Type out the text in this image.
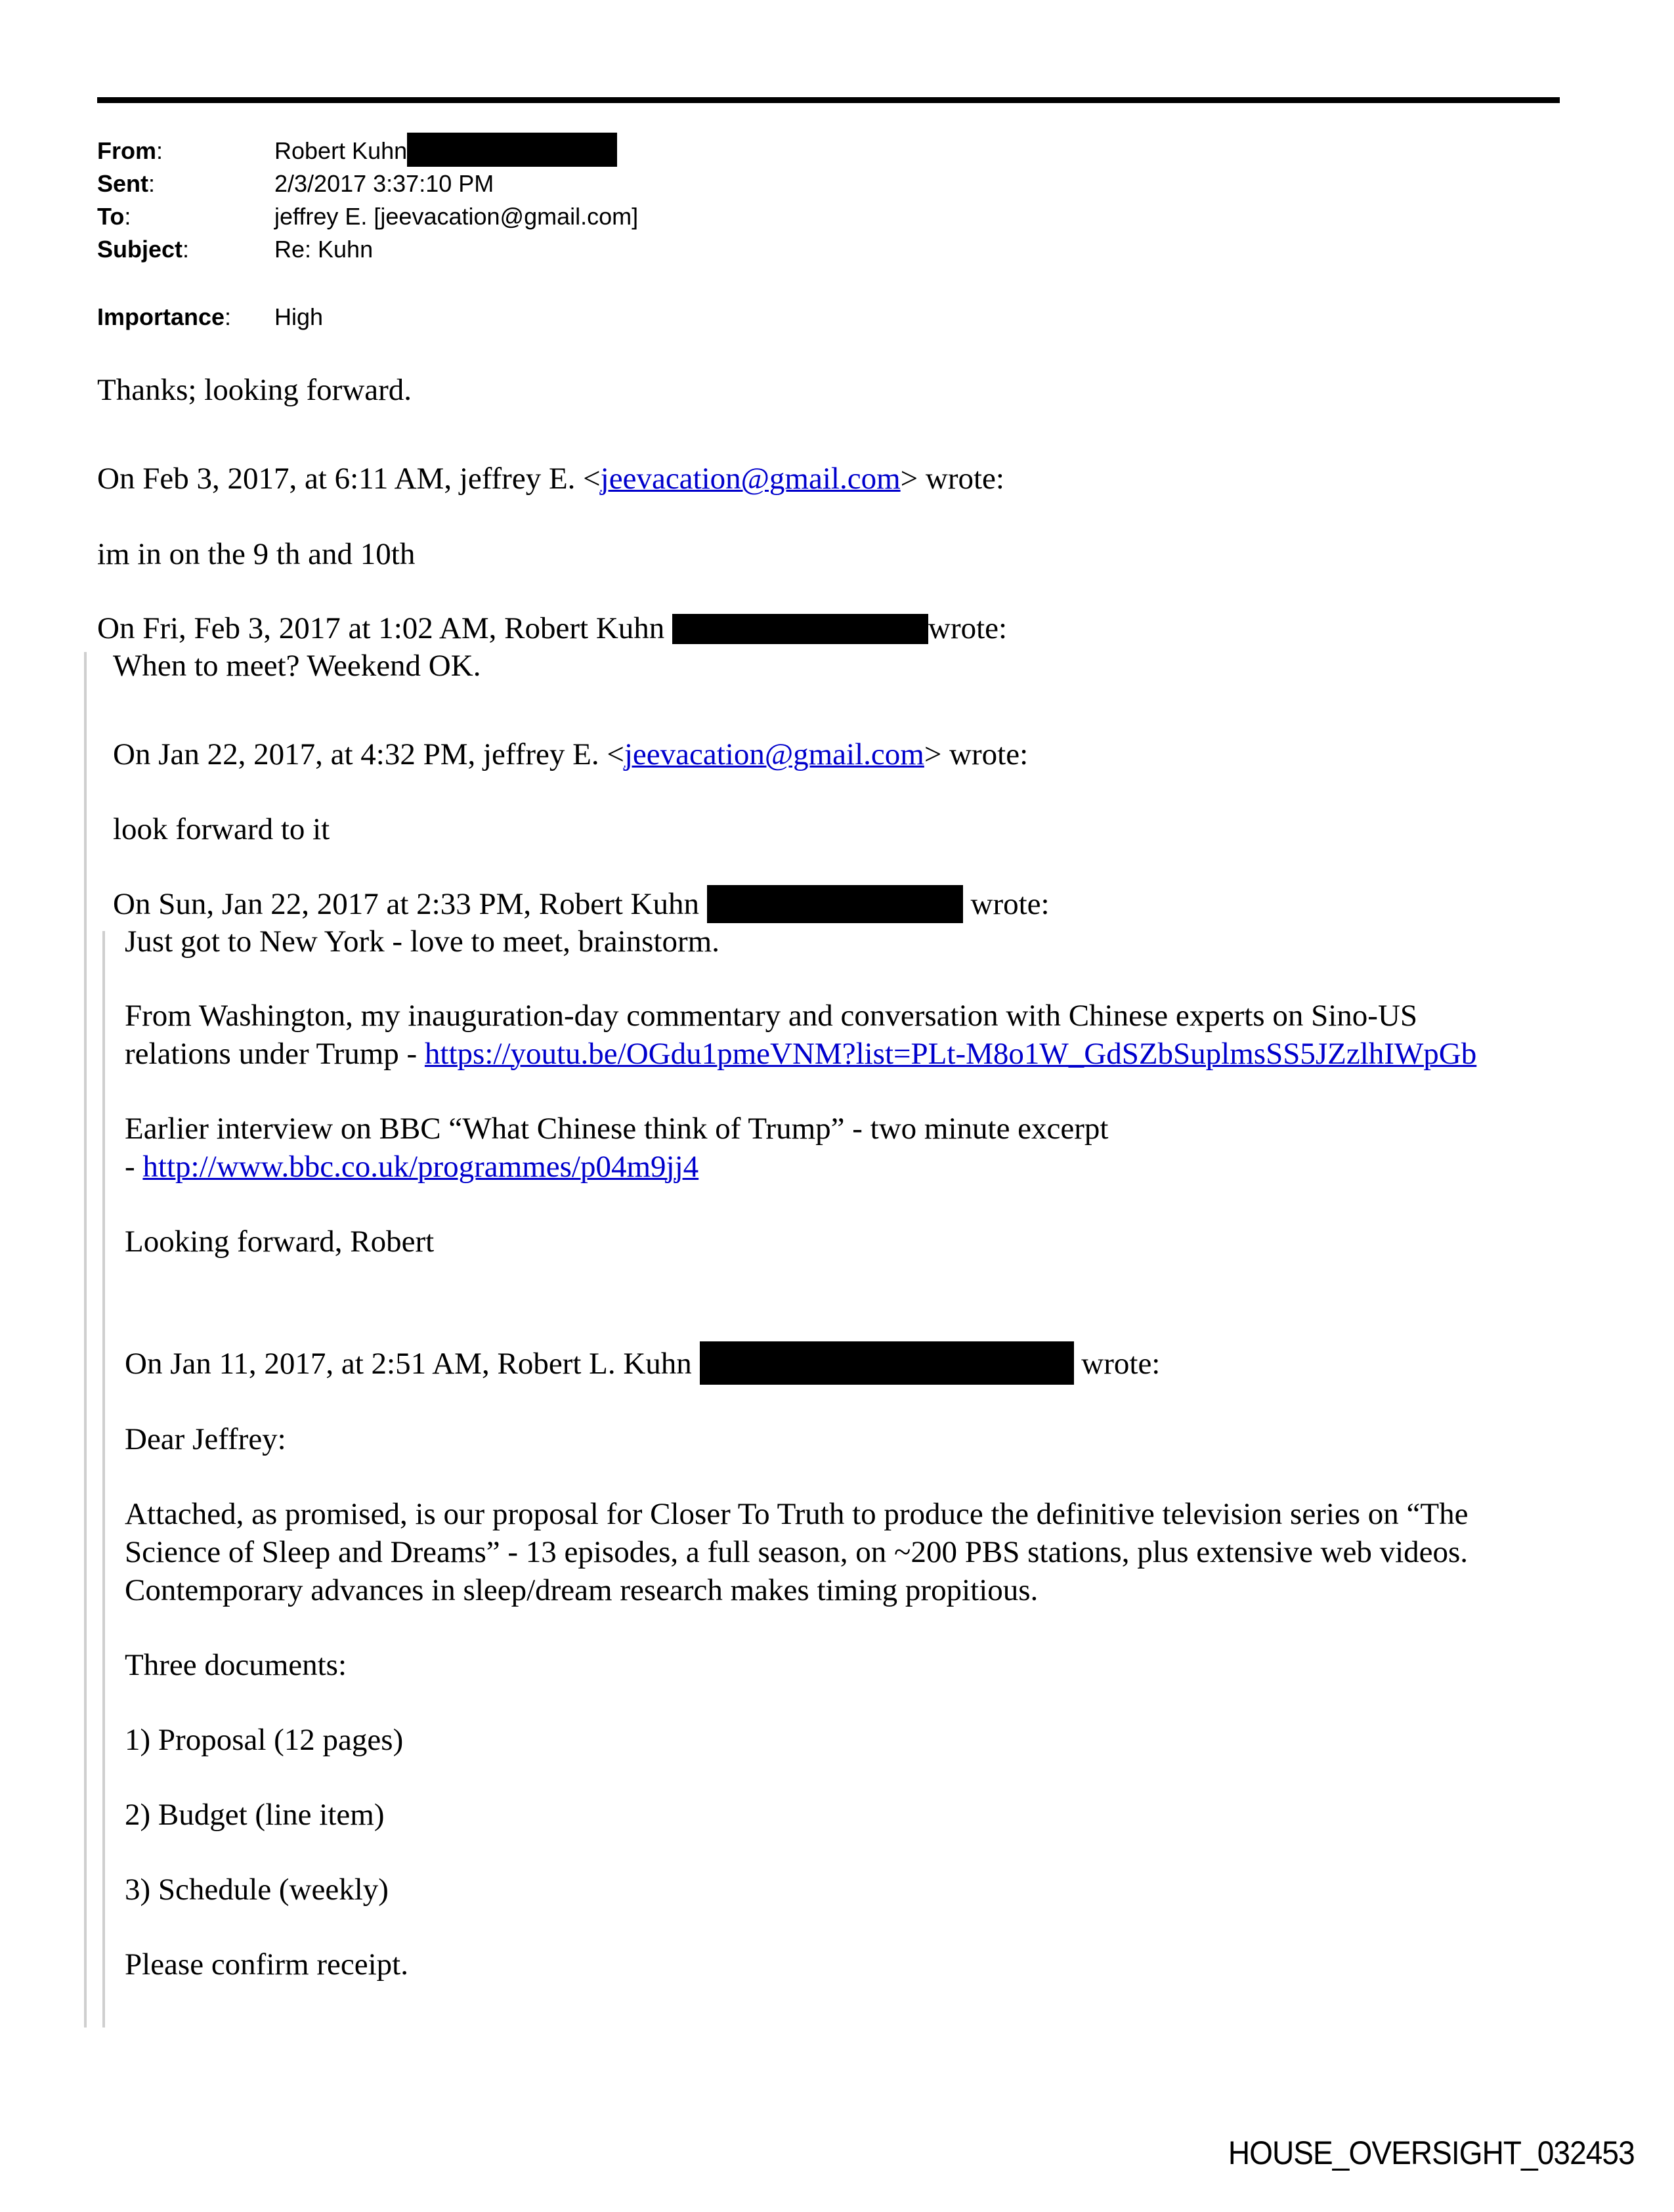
From:	Robert Kuhn
Sent:	2/3/2017 3:37:10 PM
To:	jeffrey E. [jeevacation@gmail.com]
Subject:	Re: Kuhn
Importance: High
Thanks; looking forward.
On Feb 3, 2017, at 6:11 AM, jeffrey E. <jeevacation@gmail.com> wrote:
im in on the 9 th and 10th
On Fri, Feb 3, 2017 at 1:02 AM, Robert Kuhn	wrote:
When to meet? Weekend OK.
On Jan 22, 2017, at 4:32 PM, jeffrey E. <jeevacation@gmail.com> wrote:
look forward to it
On Sun, Jan 22, 2017 at 2:33 PM, Robert Kuhn	wrote:
Just got to New York - love to meet, brainstorm.
From Washington, my inauguration-day commentary and conversation with Chinese experts on Sino-US
relations under Trump - https://youtu.be/OGdu1pmeVNM?list=PLt-M8o1W_GdSZbSuplmsSS5JZzlhIWpGb
Earlier interview on BBC “What Chinese think of Trump” - two minute excerpt
- http://www.bbc.co.uk/programmes/p04m9jj4
Looking forward, Robert
On Jan 11, 2017, at 2:51 AM, Robert L. Kuhn	wrote:
Dear Jeffrey:
Attached, as promised, is our proposal for Closer To Truth to produce the definitive television series on “The
Science of Sleep and Dreams” - 13 episodes, a full season, on ~200 PBS stations, plus extensive web videos.
Contemporary advances in sleep/dream research makes timing propitious.
Three documents:
1) Proposal (12 pages)
2) Budget (line item)
3) Schedule (weekly)
Please confirm receipt.
HOUSE_OVERSIGHT_032453
